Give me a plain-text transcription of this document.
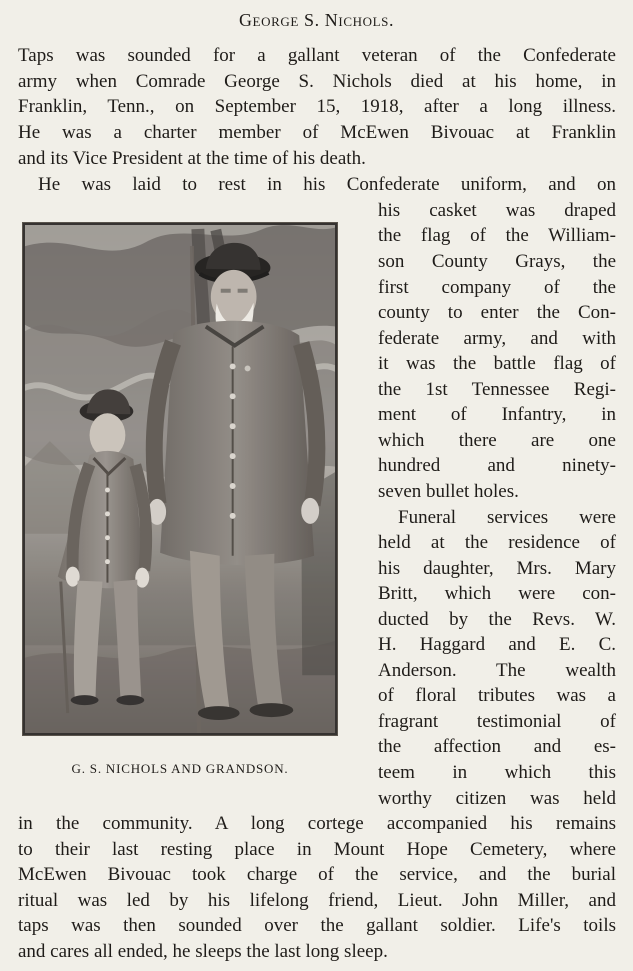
George S. Nichols.
Taps was sounded for a gallant veteran of the Confederate
army when Comrade George S. Nichols died at his home, in
Franklin, Tenn., on September 15, 1918, after a long illness.
He was a charter member of McEwen Bivouac at Franklin
and its Vice President at the time of his death.
He was laid to rest in his Confederate uniform, and on
G. S. NICHOLS AND GRANDSON.
his casket was draped
the flag of the William-
son County Grays, the
first company of the
county to enter the Con-
federate army, and with
it was the battle flag of
the 1st Tennessee Regi-
ment of Infantry, in
which there are one
hundred and ninety-
seven bullet holes.
Funeral services were
held at the residence of
his daughter, Mrs. Mary
Britt, which were con-
ducted by the Revs. W.
H. Haggard and E. C.
Anderson. The wealth
of floral tributes was a
fragrant testimonial of
the affection and es-
teem in which this
worthy citizen was held
in the community. A long cortege accompanied his remains
to their last resting place in Mount Hope Cemetery, where
McEwen Bivouac took charge of the service, and the burial
ritual was led by his lifelong friend, Lieut. John Miller, and
taps was then sounded over the gallant soldier. Life's toils
and cares all ended, he sleeps the last long sleep.
